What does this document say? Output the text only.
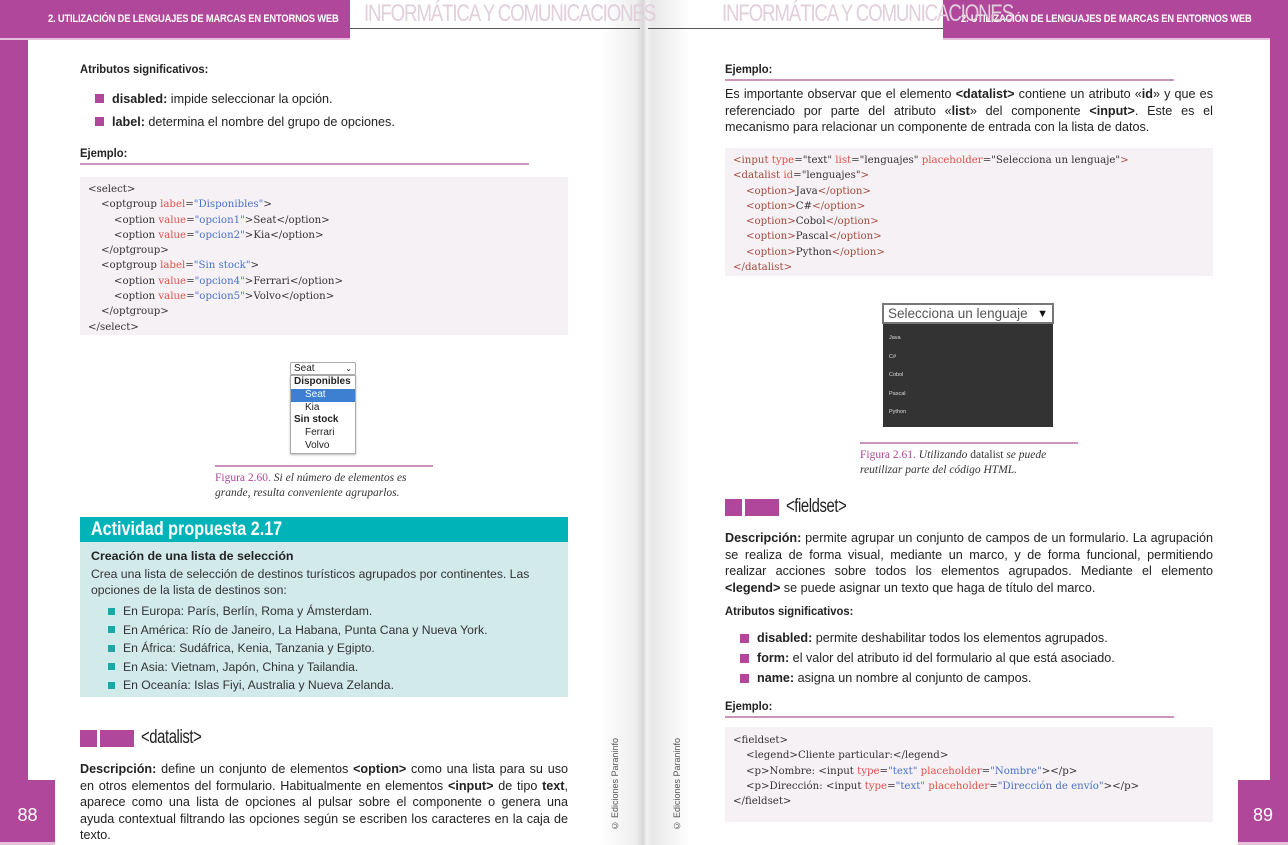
88
2. UTILIZACIÓN DE LENGUAJES DE MARCAS EN ENTORNOS WEB INFORMÁTICA Y COMUNICACIONES
Atributos significativos:
disabled: impide seleccionar la opción.
label: determina el nombre del grupo de opciones.
Ejemplo:
<select>
<optgroup label="Disponibles">
<option value="opcion1">Seat</option>
<option value="opcion2">Kia</option>
</optgroup>
<optgroup label="Sin stock">
<option value="opcion4">Ferrari</option>
<option value="opcion5">Volvo</option>
</optgroup>
</select>
Seat	⌄
Disponibles
Seat
Kia
Sin stock
Ferrari
Volvo
Figura 2.60. Si el número de elementos es grande, resulta conveniente agruparlos.
Actividad propuesta 2.17
Creación de una lista de selección
Crea una lista de selección de destinos turísticos agrupados por continentes. Las opciones de la lista de destinos son:
En Europa: París, Berlín, Roma y Ámsterdam.
En América: Río de Janeiro, La Habana, Punta Cana y Nueva York.
En África: Sudáfrica, Kenia, Tanzania y Egipto.
En Asia: Vietnam, Japón, China y Tailandia.
En Oceanía: Islas Fiyi, Australia y Nueva Zelanda.
<datalist>
Descripción: define un conjunto de elementos <option> como una lista para su uso en otros elementos del formulario. Habitualmente en elementos <input> de tipo text, aparece como una lista de opciones al pulsar sobre el componente o genera una ayuda contextual filtrando las opciones según se escriben los caracteres en la caja de texto.
© Ediciones Paraninfo	89
2. UTILIZACIÓN DE LENGUAJES DE MARCAS EN ENTORNOS WEB
INFORMÁTICA Y COMUNICACIONES
Ejemplo:
Es importante observar que el elemento <datalist> contiene un atributo «id» y que es referenciado por parte del atributo «list» del componente <input>. Este es el mecanismo para relacionar un componente de entrada con la lista de datos.
<input type="text" list="lenguajes" placeholder="Selecciona un lenguaje">
<datalist id="lenguajes">
<option>Java</option>
<option>C#</option>
<option>Cobol</option>
<option>Pascal</option>
<option>Python</option>
</datalist>
Selecciona un lenguaje ▼
Java
C#
Cobol
Pascal
Python
Figura 2.61. Utilizando datalist se puede reutilizar parte del código HTML.
<fieldset>
Descripción: permite agrupar un conjunto de campos de un formulario. La agrupación se realiza de forma visual, mediante un marco, y de forma funcional, permitiendo realizar acciones sobre todos los elementos agrupados. Mediante el elemento <legend> se puede asignar un texto que haga de título del marco.
Atributos significativos:
disabled: permite deshabilitar todos los elementos agrupados.
form: el valor del atributo id del formulario al que está asociado.
name: asigna un nombre al conjunto de campos.
Ejemplo:
<fieldset>
<legend>Cliente particular:</legend>
<p>Nombre: <input type="text" placeholder="Nombre"></p>
<p>Dirección: <input type="text" placeholder="Dirección de envío"></p>
</fieldset>
© Ediciones Paraninfo
